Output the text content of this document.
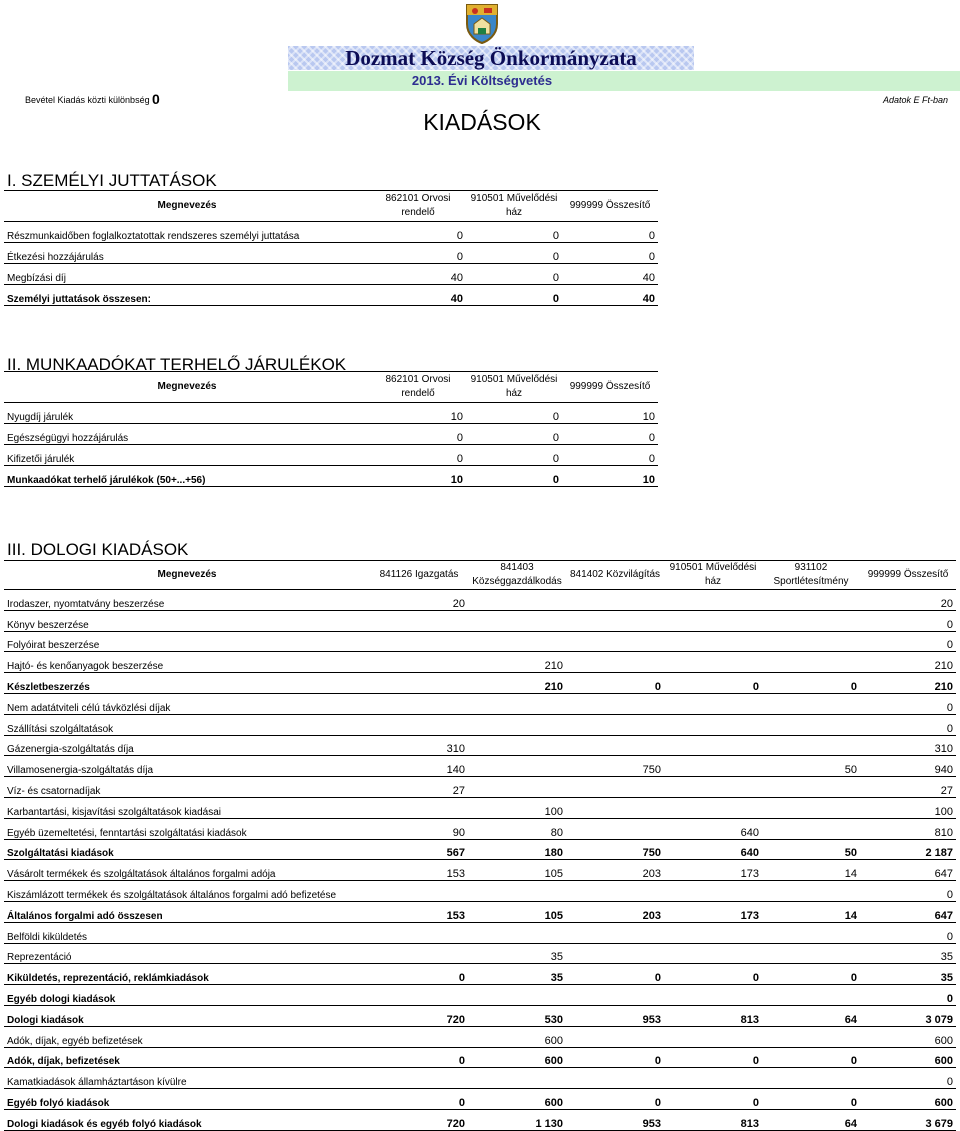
Dozmat Község Önkormányzata
2013. Évi Költségvetés
Bevétel Kiadás közti különbség 0	Adatok E Ft-ban
KIADÁSOK
I. SZEMÉLYI JUTTATÁSOK
Megnevezés	862101 Orvosi rendelő	910501 Művelődési ház	999999 Összesítő
Részmunkaidőben foglalkoztatottak rendszeres személyi juttatása	0	0	0
Étkezési hozzájárulás	0	0	0
Megbízási díj	40	0	40
Személyi juttatások összesen:	40	0	40
II. MUNKAADÓKAT TERHELŐ JÁRULÉKOK
Megnevezés	862101 Orvosi rendelő	910501 Művelődési ház	999999 Összesítő
Nyugdíj járulék	10	0	10
Egészségügyi hozzájárulás	0	0	0
Kifizetői járulék	0	0	0
Munkaadókat terhelő járulékok (50+...+56)	10	0	10
III. DOLOGI KIADÁSOK
Megnevezés	841126 Igazgatás	841403 Községgazdálkodás	841402 Közvilágítás	910501 Művelődési ház	931102 Sportlétesítmény	999999 Összesítő
Irodaszer, nyomtatvány beszerzése	20					20
Könyv beszerzése						0
Folyóirat beszerzése						0
Hajtó- és kenőanyagok beszerzése		210				210
Készletbeszerzés		210	0	0	0	210
Nem adatátviteli célú távközlési díjak						0
Szállítási szolgáltatások						0
Gázenergia-szolgáltatás díja	310					310
Villamosenergia-szolgáltatás díja	140		750		50	940
Víz- és csatornadíjak	27					27
Karbantartási, kisjavítási szolgáltatások kiadásai		100				100
Egyéb üzemeltetési, fenntartási szolgáltatási kiadások	90	80		640		810
Szolgáltatási kiadások	567	180	750	640	50	2 187
Vásárolt termékek és szolgáltatások általános forgalmi adója	153	105	203	173	14	647
Kiszámlázott termékek és szolgáltatások általános forgalmi adó befizetése						0
Általános forgalmi adó összesen	153	105	203	173	14	647
Belföldi kiküldetés						0
Reprezentáció		35				35
Kiküldetés, reprezentáció, reklámkiadások	0	35	0	0	0	35
Egyéb dologi kiadások						0
Dologi kiadások	720	530	953	813	64	3 079
Adók, díjak, egyéb befizetések		600				600
Adók, díjak, befizetések	0	600	0	0	0	600
Kamatkiadások államháztartáson kívülre						0
Egyéb folyó kiadások	0	600	0	0	0	600
Dologi kiadások és egyéb folyó kiadások	720	1 130	953	813	64	3 679
